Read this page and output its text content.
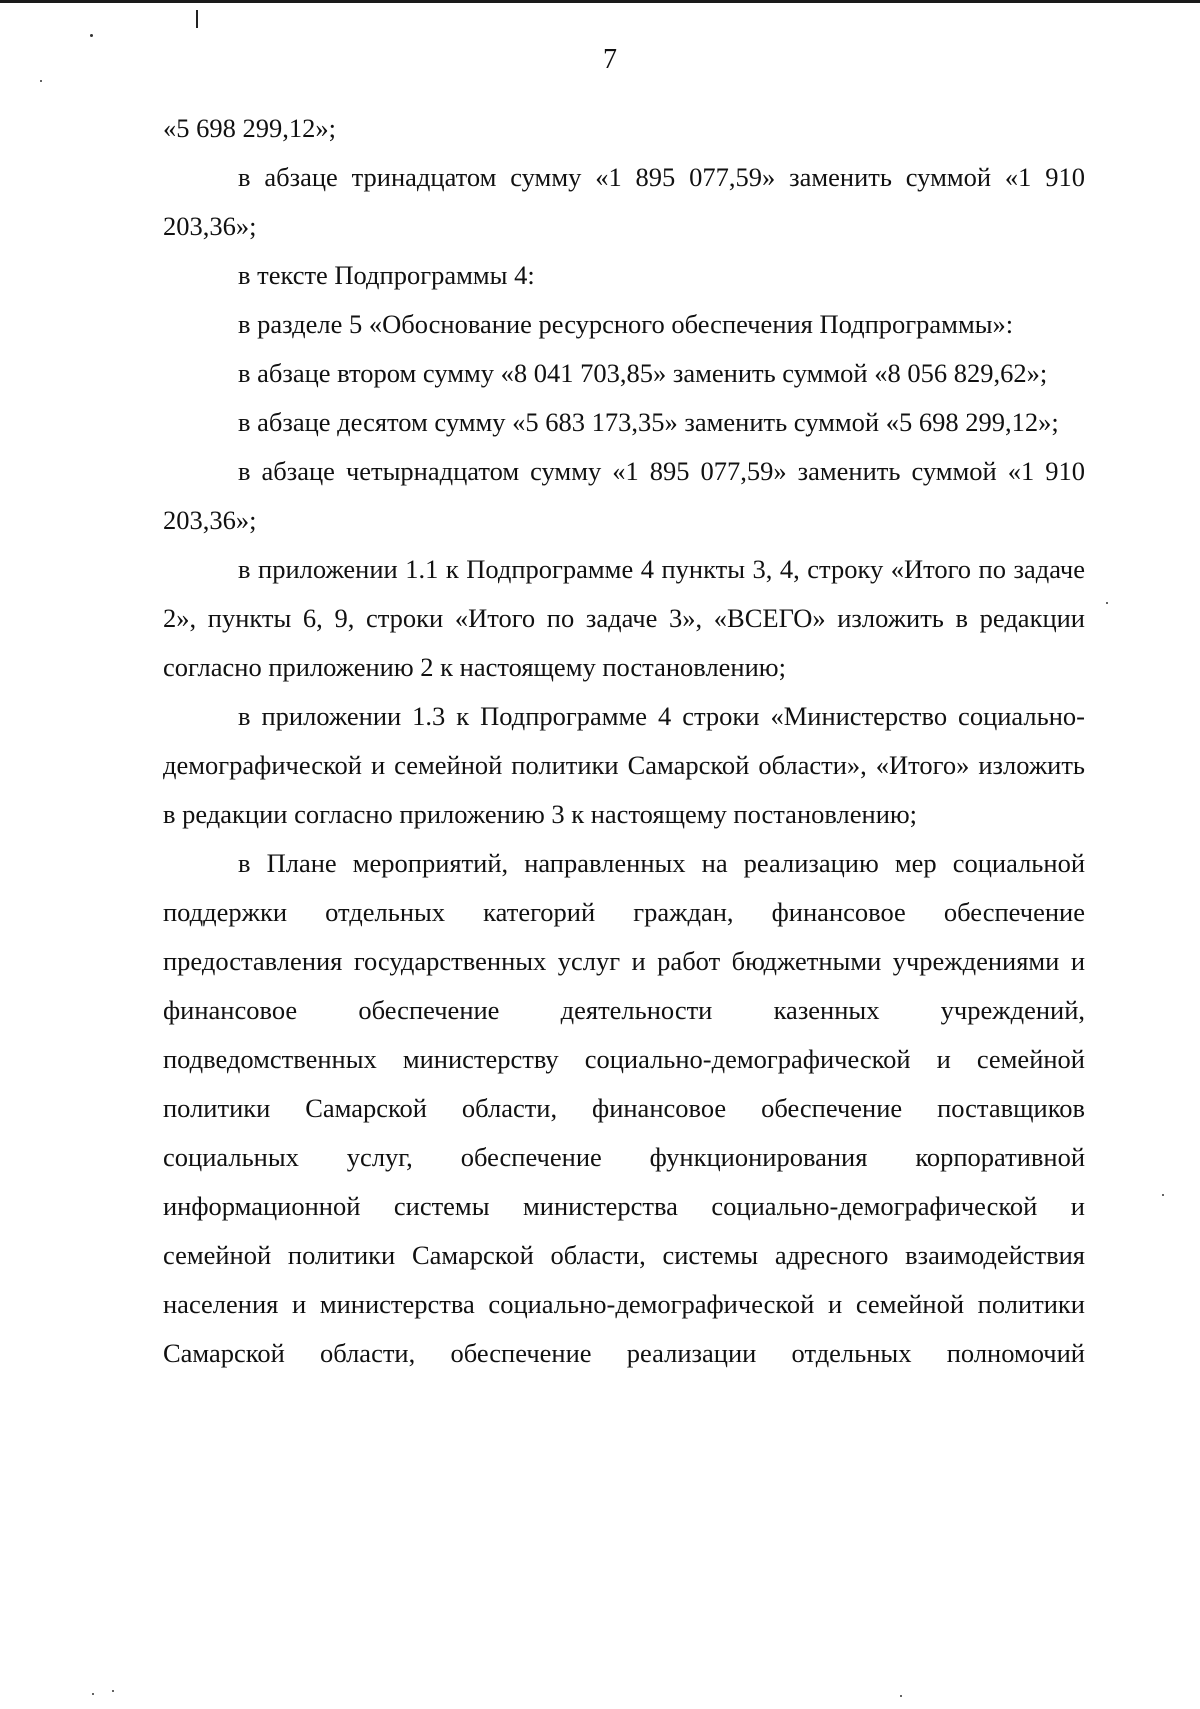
7

«5 698 299,12»;

в абзаце тринадцатом сумму «1 895 077,59» заменить суммой «1 910 203,36»;

в тексте Подпрограммы 4:

в разделе 5 «Обоснование ресурсного обеспечения Подпрограммы»:

в абзаце втором сумму «8 041 703,85» заменить суммой «8 056 829,62»;

в абзаце десятом сумму «5 683 173,35» заменить суммой «5 698 299,12»;

в абзаце четырнадцатом сумму «1 895 077,59» заменить суммой «1 910 203,36»;

в приложении 1.1 к Подпрограмме 4 пункты 3, 4, строку «Итого по задаче 2», пункты 6, 9, строки «Итого по задаче 3», «ВСЕГО» изложить в редакции согласно приложению 2 к настоящему постановлению;

в приложении 1.3 к Подпрограмме 4 строки «Министерство социально-демографической и семейной политики Самарской области», «Итого» изложить в редакции согласно приложению 3 к настоящему постановлению;

в Плане мероприятий, направленных на реализацию мер социальной поддержки отдельных категорий граждан, финансовое обеспечение предоставления государственных услуг и работ бюджетными учреждениями и финансовое обеспечение деятельности казенных учреждений, подведомственных министерству социально-демографической и семейной политики Самарской области, финансовое обеспечение поставщиков социальных услуг, обеспечение функционирования корпоративной информационной системы министерства социально-демографической и семейной политики Самарской области, системы адресного взаимодействия населения и министерства социально-демографической и семейной политики Самарской области, обеспечение реализации отдельных полномочий
